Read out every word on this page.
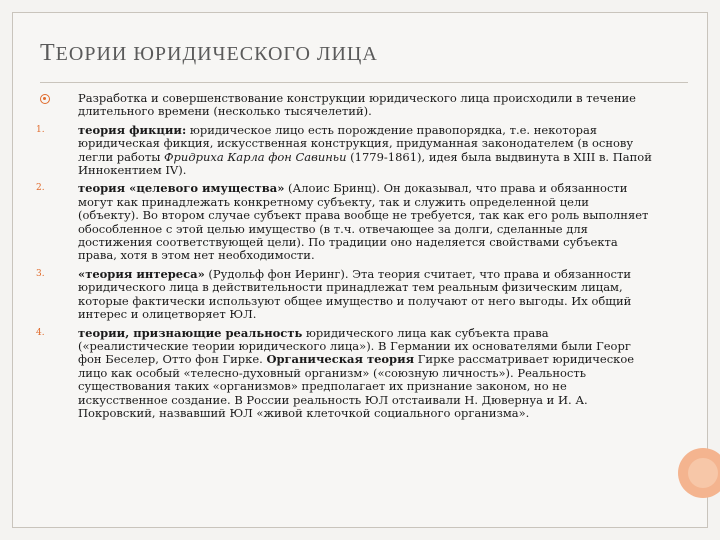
ТЕОРИИ ЮРИДИЧЕСКОГО ЛИЦА
Разработка и совершенствование конструкции юридического лица происходили в течение длительного времени (несколько тысячелетий).
1.	теория фикции: юридическое лицо есть порождение правопорядка, т.е. некоторая юридическая фикция, искусственная конструкция, придуманная законодателем (в основу легли работы Фридриха Карла фон Савиньи (1779-1861), идея была выдвинута в XIII в. Папой Иннокентием IV).
2.	теория «целевого имущества» (Алоис Бринц). Он доказывал, что права и обязанности могут как принадлежать конкретному субъекту, так и служить определенной цели (объекту). Во втором случае субъект права вообще не требуется, так как его роль выполняет обособленное с этой целью имущество (в т.ч. отвечающее за долги, сделанные для достижения соответствующей цели). По традиции оно наделяется свойствами субъекта права, хотя в этом нет необходимости.
3.	«теория интереса» (Рудольф фон Иеринг). Эта теория считает, что права и обязанности юридического лица в действительности принадлежат тем реальным физическим лицам, которые фактически используют общее имущество и получают от него выгоды. Их общий интерес и олицетворяет ЮЛ.
4.	теории, признающие реальность юридического лица как субъекта права («реалистические теории юридического лица»). В Германии их основателями были Георг фон Беселер, Отто фон Гирке. Органическая теория Гирке рассматривает юридическое лицо как особый «телесно-духовный организм» («союзную личность»). Реальность существования таких «организмов» предполагает их признание законом, но не искусственное создание. В России реальность ЮЛ отстаивали Н. Дювернуа и И. А. Покровский, назвавший ЮЛ «живой клеточкой социального организма».
